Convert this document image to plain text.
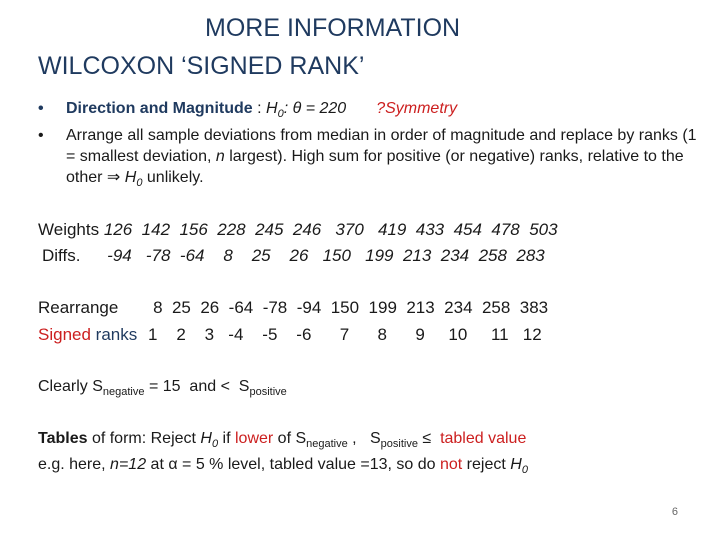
MORE INFORMATION
WILCOXON ‘SIGNED RANK’
• Direction and Magnitude : $H_0$: θ = 220 ?Symmetry
• Arrange all sample deviations from median in order of magnitude and replace by ranks (1 = smallest deviation, n largest). High sum for positive (or negative) ranks, relative to the other ⇒ $H_0$ unlikely.
Weights 126  142  156  228  245  246   370   419  433  454  478  503
Diffs. -94   -78  -64    8    25    26   150   199  213  234  258  283
Rearrange 8  25  26  -64  -78  -94  150  199  213  234  258  383
Signed ranks 1    2    3   -4    -5    -6      7      8      9     10     11   12
Clearly $S_{negative} = 15$  and <  $S_{positive}$
Tables of form: Reject $H_0$ if lower of $S_{negative}$ ,   $S_{positive}$ ≤  tabled value
e.g. here, n=12 at α = 5 % level, tabled value =13, so do not reject $H_0$
6
